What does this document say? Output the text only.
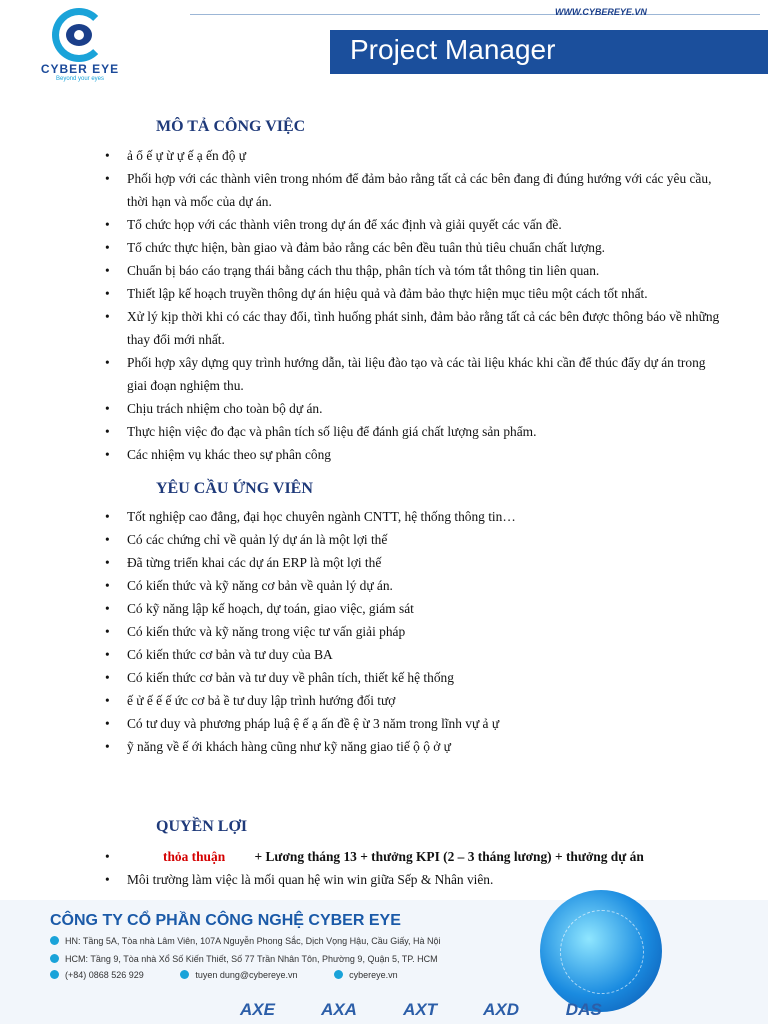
CYBER EYE
Beyond your eyes
WWW.CYBEREYE.VN
Project Manager
MÔ TẢ CÔNG VIỆC
• ả ổ ế ự ừ ự ế ạ ến độ ự
• Phối hợp với các thành viên trong nhóm để đảm bảo rằng tất cả các bên đang đi đúng hướng với các yêu cầu, thời hạn và mốc của dự án.
• Tổ chức họp với các thành viên trong dự án để xác định và giải quyết các vấn đề.
• Tổ chức thực hiện, bàn giao và đảm bảo rằng các bên đều tuân thủ tiêu chuẩn chất lượng.
• Chuẩn bị báo cáo trạng thái bằng cách thu thập, phân tích và tóm tắt thông tin liên quan.
• Thiết lập kế hoạch truyền thông dự án hiệu quả và đảm bảo thực hiện mục tiêu một cách tốt nhất.
• Xử lý kịp thời khi có các thay đổi, tình huống phát sinh, đảm bảo rằng tất cả các bên được thông báo về những thay đổi mới nhất.
• Phối hợp xây dựng quy trình hướng dẫn, tài liệu đào tạo và các tài liệu khác khi cần để thúc đẩy dự án trong giai đoạn nghiệm thu.
• Chịu trách nhiệm cho toàn bộ dự án.
• Thực hiện việc đo đạc và phân tích số liệu để đánh giá chất lượng sản phẩm.
• Các nhiệm vụ khác theo sự phân công
YÊU CẦU ỨNG VIÊN
• Tốt nghiệp cao đẳng, đại học chuyên ngành CNTT, hệ thống thông tin…
• Có các chứng chỉ về quản lý dự án là một lợi thế
• Đã từng triển khai các dự án ERP là một lợi thế
• Có kiến thức và kỹ năng cơ bản về quản lý dự án.
• Có kỹ năng lập kế hoạch, dự toán, giao việc, giám sát
• Có kiến thức và kỹ năng trong việc tư vấn giải pháp
• Có kiến thức cơ bản và tư duy của BA
• Có kiến thức cơ bản và tư duy về phân tích, thiết kế hệ thống
• ế ử ế ế ế ức cơ bả ề tư duy lập trình hướng đối tượ
• Có tư duy và phương pháp luậ ệ ế ạ ấn đề ệ ừ 3 năm trong lĩnh vự ả ự
• ỹ năng về ế ới khách hàng cũng như kỹ năng giao tiế ộ ộ ở ự
QUYỀN LỢI
• thỏa thuận + Lương tháng 13 + thưởng KPI (2 – 3 tháng lương) + thưởng dự án
• Môi trường làm việc là mối quan hệ win win giữa Sếp & Nhân viên.
CÔNG TY CỔ PHẦN CÔNG NGHỆ CYBER EYE
HN: Tầng 5A, Tòa nhà Lâm Viên, 107A Nguyễn Phong Sắc, Dịch Vọng Hậu, Cầu Giấy, Hà Nội
HCM: Tầng 9, Tòa nhà Xổ Số Kiến Thiết, Số 77 Trần Nhân Tôn, Phường 9, Quận 5, TP. HCM
(+84) 0868 526 929	tuyen dung@cybereye.vn	cybereye.vn
AXE	AXA	AXT	AXD	DAS
